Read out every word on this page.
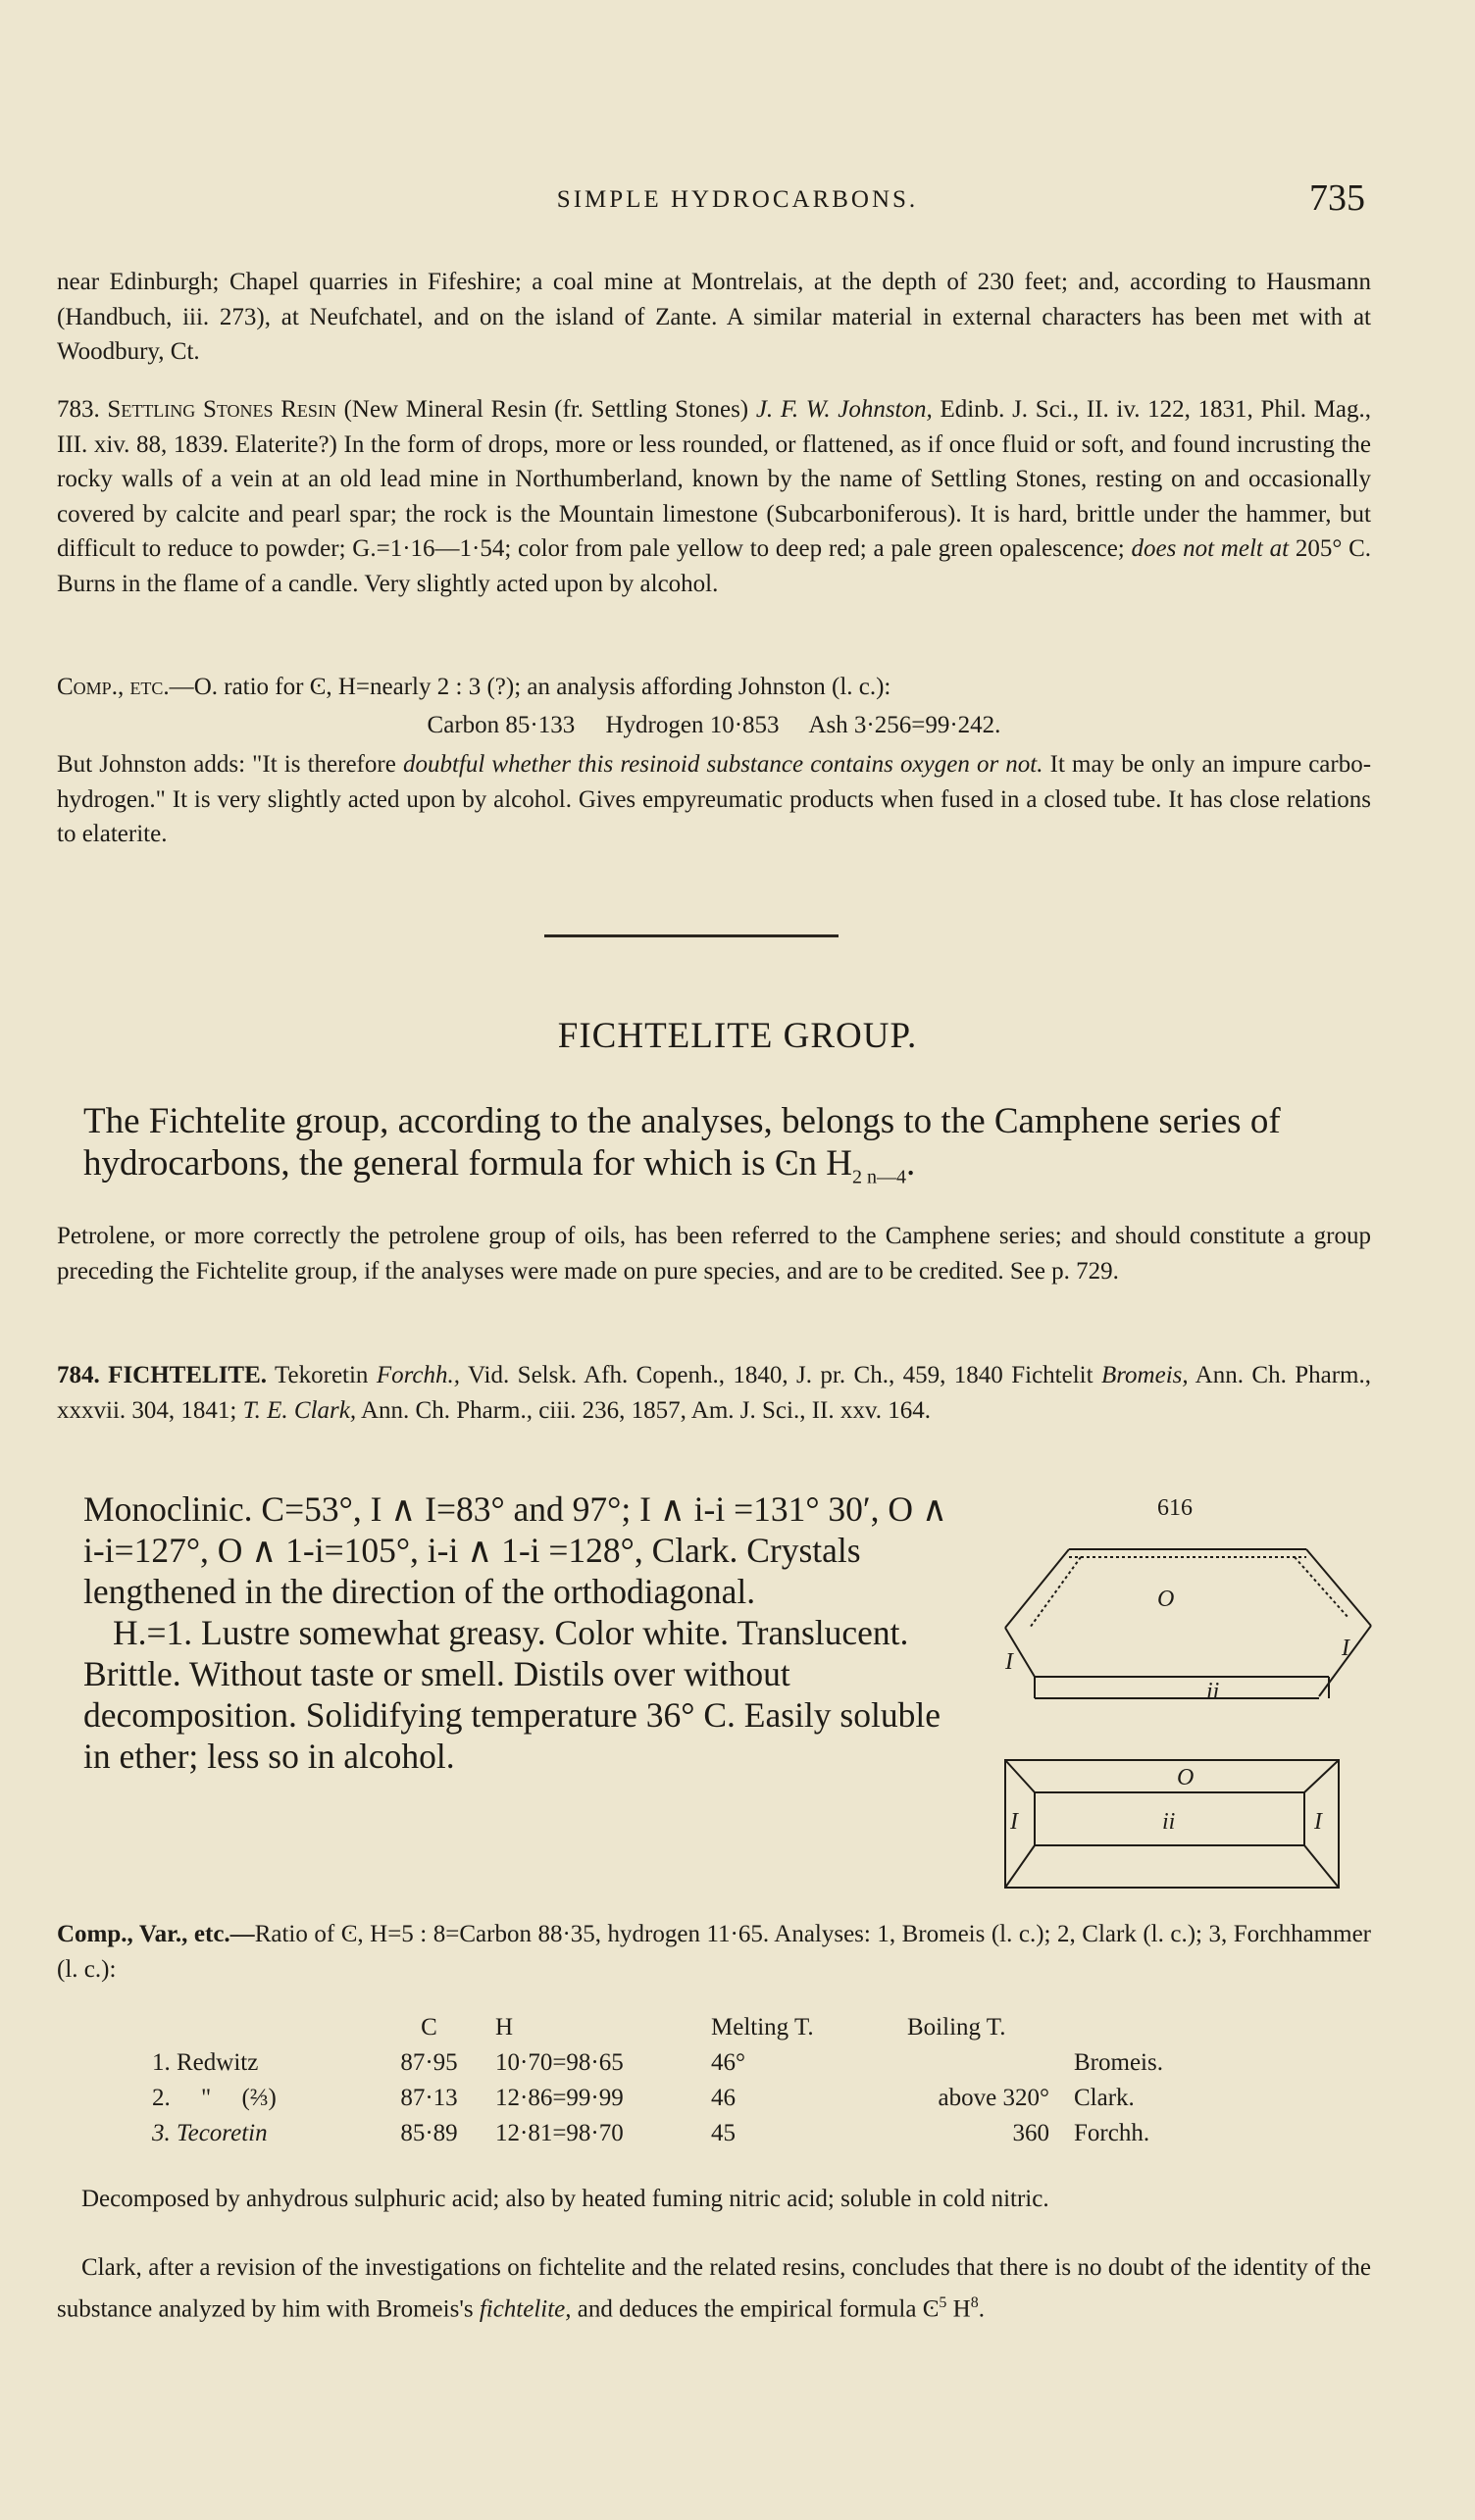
SIMPLE HYDROCARBONS.	735
near Edinburgh; Chapel quarries in Fifeshire; a coal mine at Montrelais, at the depth of 230 feet; and, according to Hausmann (Handbuch, iii. 273), at Neufchatel, and on the island of Zante. A similar material in external characters has been met with at Woodbury, Ct.
783. Settling Stones Resin (New Mineral Resin (fr. Settling Stones) J. F. W. Johnston, Edinb. J. Sci., II. iv. 122, 1831, Phil. Mag., III. xiv. 88, 1839. Elaterite?) In the form of drops, more or less rounded, or flattened, as if once fluid or soft, and found incrusting the rocky walls of a vein at an old lead mine in Northumberland, known by the name of Settling Stones, resting on and occasionally covered by calcite and pearl spar; the rock is the Mountain limestone (Subcarboniferous). It is hard, brittle under the hammer, but difficult to reduce to powder; G.=1·16—1·54; color from pale yellow to deep red; a pale green opalescence; does not melt at 205° C. Burns in the flame of a candle. Very slightly acted upon by alcohol.
Comp., etc.—O. ratio for Ͼ, H=nearly 2 : 3 (?); an analysis affording Johnston (l. c.):
Carbon 85·133     Hydrogen 10·853     Ash 3·256=99·242.
But Johnston adds: "It is therefore doubtful whether this resinoid substance contains oxygen or not. It may be only an impure carbo-hydrogen." It is very slightly acted upon by alcohol. Gives empyreumatic products when fused in a closed tube. It has close relations to elaterite.
FICHTELITE GROUP.
The Fichtelite group, according to the analyses, belongs to the Camphene series of hydrocarbons, the general formula for which is Ͼn $H_{2 n—4}$.
Petrolene, or more correctly the petrolene group of oils, has been referred to the Camphene series; and should constitute a group preceding the Fichtelite group, if the analyses were made on pure species, and are to be credited. See p. 729.
784. FICHTELITE. Tekoretin Forchh., Vid. Selsk. Afh. Copenh., 1840, J. pr. Ch., 459, 1840 Fichtelit Bromeis, Ann. Ch. Pharm., xxxvii. 304, 1841; T. E. Clark, Ann. Ch. Pharm., ciii. 236, 1857, Am. J. Sci., II. xxv. 164.
Monoclinic. C=53°, I ∧ I=83° and 97°; I ∧ i-i =131° 30′, O ∧ i-i=127°, O ∧ 1-i=105°, i-i ∧ 1-i =128°, Clark. Crystals lengthened in the direction of the orthodiagonal.
H.=1. Lustre somewhat greasy. Color white. Translucent. Brittle. Without taste or smell. Distils over without decomposition. Solidifying temperature 36° C. Easily soluble in ether; less so in alcohol.
616
O
ii
I
I
O
ii
I	I
Comp., Var., etc.—Ratio of Ͼ, H=5 : 8=Carbon 88·35, hydrogen 11·65. Analyses: 1, Bromeis (l. c.); 2, Clark (l. c.); 3, Forchhammer (l. c.):
	C	H	Melting T.	Boiling T.	
1. Redwitz	87·95	10·70=98·65	46°		Bromeis.
2.     "     (⅔)	87·13	12·86=99·99	46	above 320°	Clark.
3. Tecoretin	85·89	12·81=98·70	45	360	Forchh.
Decomposed by anhydrous sulphuric acid; also by heated fuming nitric acid; soluble in cold nitric.
Clark, after a revision of the investigations on fichtelite and the related resins, concludes that there is no doubt of the identity of the substance analyzed by him with Bromeis's fichtelite, and deduces the empirical formula $Ͼ^5$ $H^8$.
